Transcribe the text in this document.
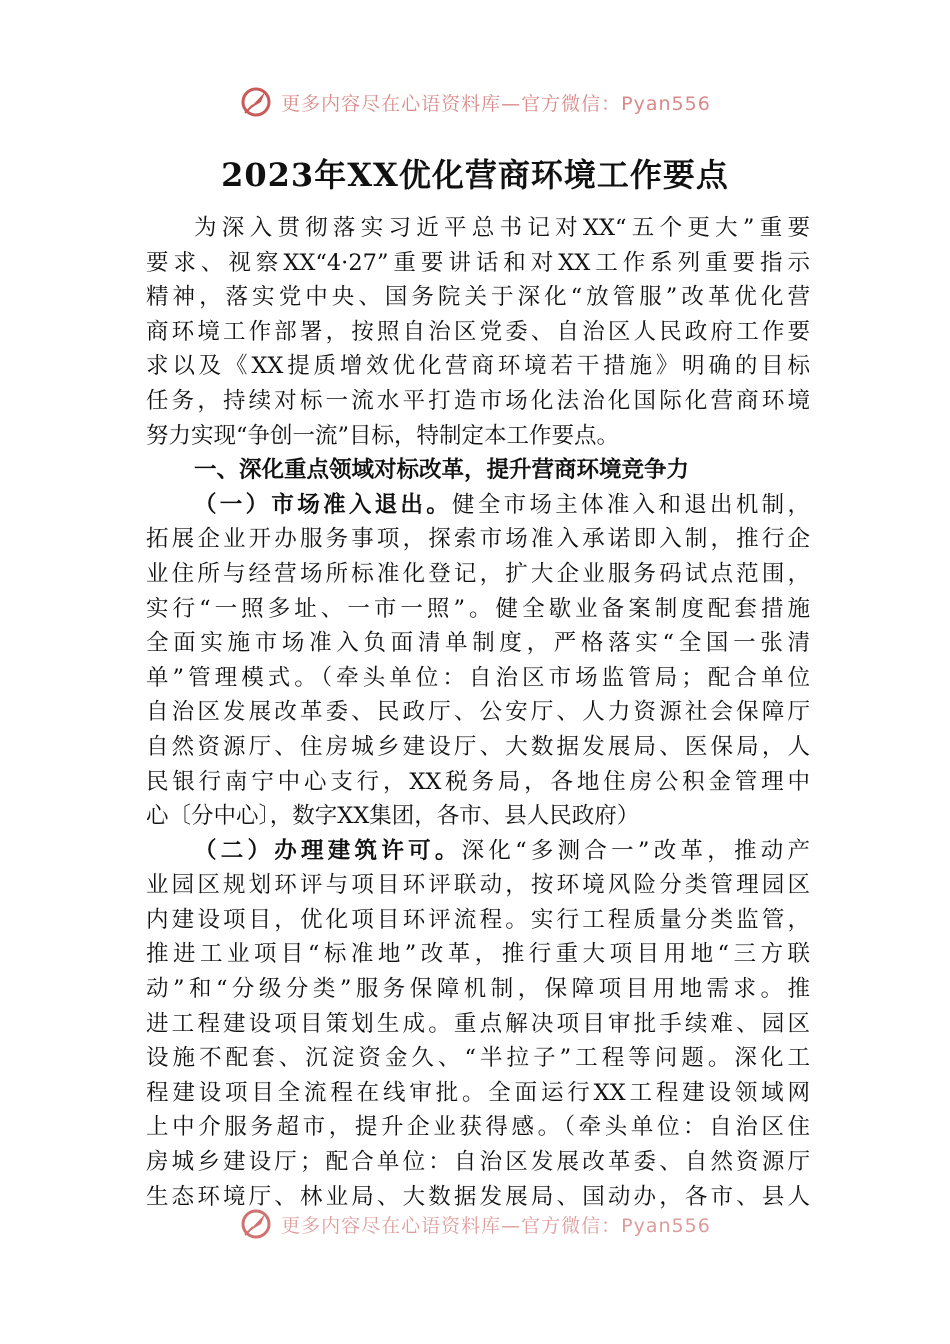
更多内容尽在心语资料库—官方微信：Pyan556
2023年XX优化营商环境工作要点
为深入贯彻落实习近平总书记对XX“五个更大”重要
要求、视察XX“4·27”重要讲话和对XX工作系列重要指示
精神，落实党中央、国务院关于深化“放管服”改革优化营
商环境工作部署，按照自治区党委、自治区人民政府工作要
求以及《XX提质增效优化营商环境若干措施》明确的目标
任务，持续对标一流水平打造市场化法治化国际化营商环境
努力实现“争创一流”目标，特制定本工作要点。
一、深化重点领域对标改革，提升营商环境竞争力
（一）市场准入退出。健全市场主体准入和退出机制，
拓展企业开办服务事项，探索市场准入承诺即入制，推行企
业住所与经营场所标准化登记，扩大企业服务码试点范围，
实行“一照多址、一市一照”。健全歇业备案制度配套措施
全面实施市场准入负面清单制度，严格落实“全国一张清
单”管理模式。（牵头单位：自治区市场监管局；配合单位
自治区发展改革委、民政厅、公安厅、人力资源社会保障厅
自然资源厅、住房城乡建设厅、大数据发展局、医保局，人
民银行南宁中心支行，XX税务局，各地住房公积金管理中
心〔分中心〕，数字XX集团，各市、县人民政府）
（二）办理建筑许可。深化“多测合一”改革，推动产
业园区规划环评与项目环评联动，按环境风险分类管理园区
内建设项目，优化项目环评流程。实行工程质量分类监管，
推进工业项目“标准地”改革，推行重大项目用地“三方联
动”和“分级分类”服务保障机制，保障项目用地需求。推
进工程建设项目策划生成。重点解决项目审批手续难、园区
设施不配套、沉淀资金久、“半拉子”工程等问题。深化工
程建设项目全流程在线审批。全面运行XX工程建设领域网
上中介服务超市，提升企业获得感。（牵头单位：自治区住
房城乡建设厅；配合单位：自治区发展改革委、自然资源厅
生态环境厅、林业局、大数据发展局、国动办，各市、县人
更多内容尽在心语资料库—官方微信：Pyan556
